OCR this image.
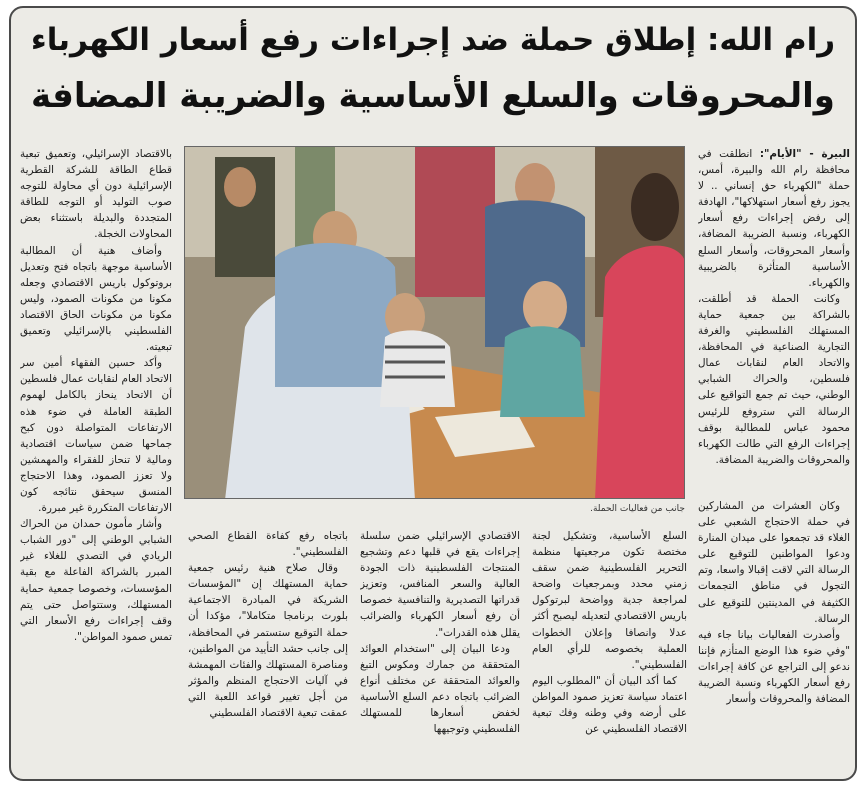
رام الله: إطلاق حملة ضد إجراءات رفع أسعار الكهرباء
والمحروقات والسلع الأساسية والضريبة المضافة

البيرة - "الأيام": انطلقت في محافظة رام الله والبيرة، أمس، حملة "الكهرباء حق إنساني .. لا يجوز رفع أسعار استهلاكها"، الهادفة إلى رفض إجراءات رفع أسعار الكهرباء، ونسبة الضريبة المضافة، وأسعار المحروقات، وأسعار السلع الأساسية المتأثرة بالضريبية والكهرباء.

وكانت الحملة قد أطلقت، بالشراكة بين جمعية حماية المستهلك الفلسطيني والغرفة التجارية الصناعية في المحافظة، والاتحاد العام لنقابات عمال فلسطين، والحراك الشبابي الوطني، حيث تم جمع التواقيع على الرسالة التي ستروفع للرئيس محمود عباس للمطالبة بوقف إجراءات الرفع التي طالت الكهرباء والمحروقات والضريبة المضافة.

جانب من فعاليات الحملة. وكان العشرات من المشاركين في حملة الاحتجاج الشعبي على الغلاء قد تجمعوا على ميدان المنارة ودعوا المواطنين للتوقيع على الرسالة التي لاقت إقبالا واسعا، وتم التجول في مناطق التجمعات الكثيفة في المدينتين للتوقيع على الرسالة.

وأصدرت الفعاليات بيانا جاء فيه "وفي ضوء هذا الوضع المتأزم فإننا ندعو إلى التراجع عن كافة إجراءات رفع أسعار الكهرباء ونسبة الضريبة المضافة والمحروقات وأسعار

السلع الأساسية، وتشكيل لجنة مختصة تكون مرجعيتها منظمة التحرير الفلسطينية ضمن سقف زمني محدد وبمرجعيات واضحة لمراجعة جدية وواضحة لبرتوكول باريس الاقتصادي لتعديله ليصبح أكثر عدلا وانصافا وإعلان الخطوات العملية بخصوصه للرأي العام الفلسطيني".

كما أكد البيان أن "المطلوب اليوم اعتماد سياسة تعزيز صمود المواطن على أرضه وفي وطنه وفك تبعية الاقتصاد الفلسطيني عن

الاقتصادي الإسرائيلي ضمن سلسلة إجراءات يقع في قلبها دعم وتشجيع المنتجات الفلسطينية ذات الجودة العالية والسعر المنافس، وتعزيز قدراتها التصديرية والتنافسية خصوصا أن رفع أسعار الكهرباء والضرائب يقلل هذه القدرات".

ودعا البيان إلى "استخدام العوائد المتحققة من جمارك ومكوس التبغ والعوائد المتحققة عن مختلف أنواع الضرائب باتجاه دعم السلع الأساسية لخفض أسعارها للمستهلك الفلسطيني وتوجيهها

باتجاه رفع كفاءة القطاع الصحي الفلسطيني".

وقال صلاح هنية رئيس جمعية حماية المستهلك إن "المؤسسات الشريكة في المبادرة الاجتماعية بلورت برنامجا متكاملا"، مؤكدا أن حملة التوقيع ستستمر في المحافظة، إلى جانب حشد التأييد من المواطنين، ومناصرة المستهلك والفئات المهمشة في آليات الاحتجاج المنظم والمؤثر من أجل تغيير قواعد اللعبة التي عمقت تبعية الاقتصاد الفلسطيني

بالاقتصاد الإسرائيلي، وتعميق تبعية قطاع الطاقة للشركة القطرية الإسرائيلية دون أي محاولة للتوجه صوب التوليد أو التوجه للطاقة المتجددة والبديلة باستثناء بعض المحاولات الخجلة.

وأضاف هنية أن المطالبة الأساسية موجهة باتجاه فتح وتعديل بروتوكول باريس الاقتصادي وجعله مكونا من مكونات الصمود، وليس مكونا من مكونات الحاق الاقتصاد الفلسطيني بالإسرائيلي وتعميق تبعيته.

وأكد حسين الفقهاء أمين سر الاتحاد العام لنقابات عمال فلسطين أن الاتحاد ينحاز بالكامل لهموم الطبقة العاملة في ضوء هذه الارتفاعات المتواصلة دون كبح جماحها ضمن سياسات اقتصادية ومالية لا تنحاز للفقراء والمهمشين ولا تعزز الصمود، وهذا الاحتجاج المنسق سيحقق نتائجه كون الارتفاعات المتكررة غير مبررة.

وأشار مأمون حمدان من الحراك الشبابي الوطني إلى "دور الشباب الريادي في التصدي للغلاء غير المبرر بالشراكة الفاعلة مع بقية المؤسسات، وخصوصا جمعية حماية المستهلك، وستتواصل حتى يتم وقف إجراءات رفع الأسعار التي تمس صمود المواطن".
